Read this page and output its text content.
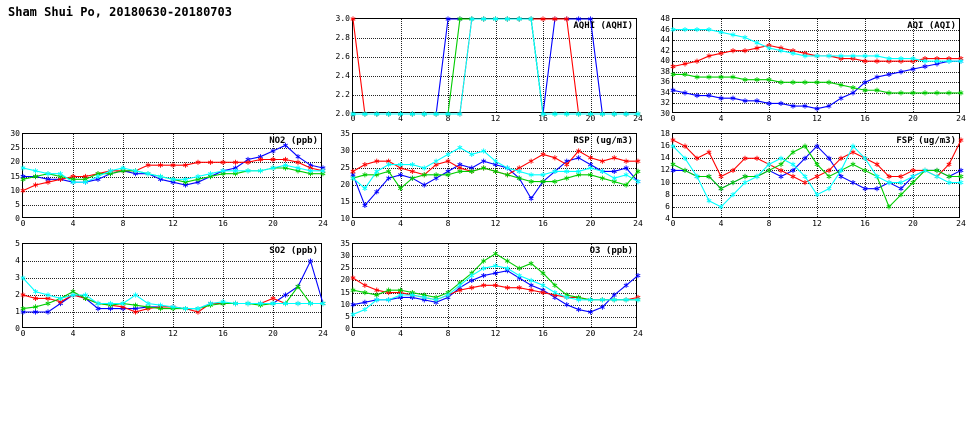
Sham Shui Po, 20180630-20180703
AQHI (AQHI)
2.0
2.2
2.4
2.6
2.8
3.0
0	4	8	12	16	20	24
AQI (AQI)
30
32
34
36
38
40
42
44
46
48
0	4	8	12	16	20	24
NO2 (ppb)
0
5
10
15
20
25
30
0	4	8	12	16	20	24
RSP (ug/m3)
10
15
20
25
30
35
0	4	8	12	16	20	24
FSP (ug/m3)
4
6
8
10
12
14
16
18
0	4	8	12	16	20	24
SO2 (ppb)
0
1
2
3
4
5
0	4	8	12	16	20	24
O3 (ppb)
0
5
10
15
20
25
30
35
0	4	8	12	16	20	24
